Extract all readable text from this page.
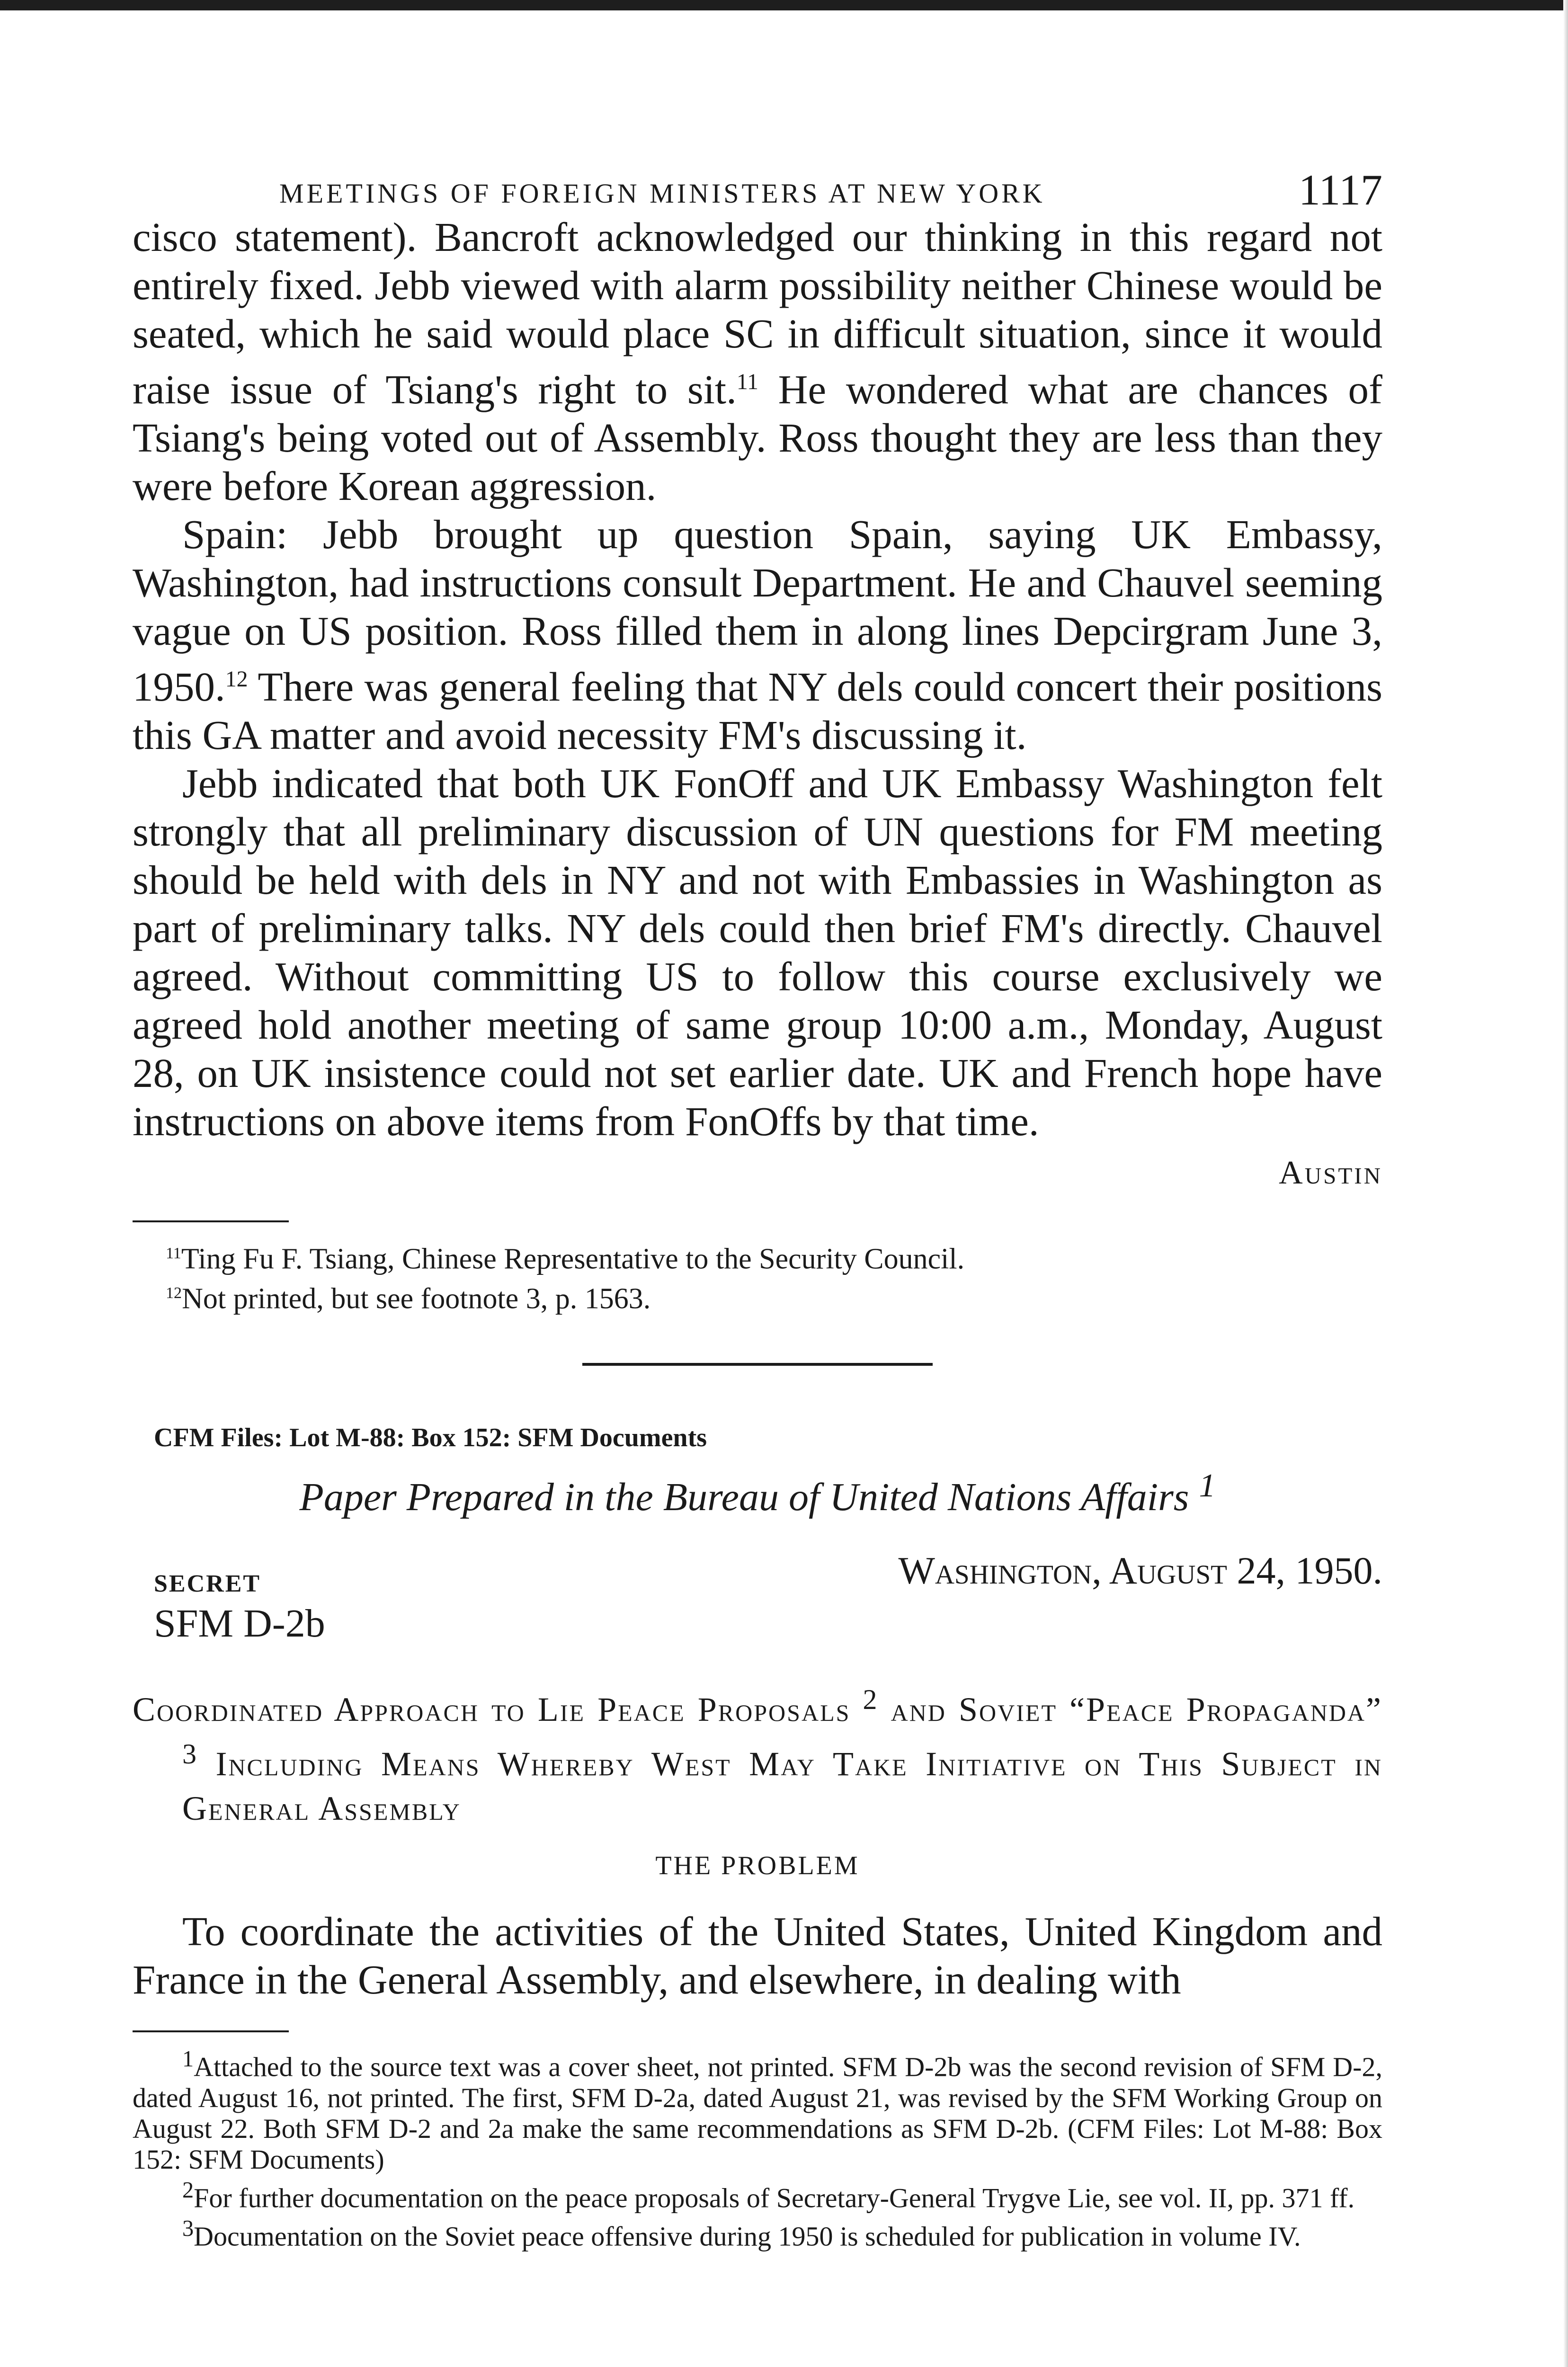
MEETINGS OF FOREIGN MINISTERS AT NEW YORK	1117

cisco statement). Bancroft acknowledged our thinking in this regard not entirely fixed. Jebb viewed with alarm possibility neither Chinese would be seated, which he said would place SC in difficult situation, since it would raise issue of Tsiang's right to sit.$^{11}$ He wondered what are chances of Tsiang's being voted out of Assembly. Ross thought they are less than they were before Korean aggression.

Spain: Jebb brought up question Spain, saying UK Embassy, Washington, had instructions consult Department. He and Chauvel seeming vague on US position. Ross filled them in along lines Depcirgram June 3, 1950.12 There was general feeling that NY dels could concert their positions this GA matter and avoid necessity FM's discussing it.

Jebb indicated that both UK FonOff and UK Embassy Washington felt strongly that all preliminary discussion of UN questions for FM meeting should be held with dels in NY and not with Embassies in Washington as part of preliminary talks. NY dels could then brief FM's directly. Chauvel agreed. Without committing US to follow this course exclusively we agreed hold another meeting of same group 10:00 a.m., Monday, August 28, on UK insistence could not set earlier date. UK and French hope have instructions on above items from FonOffs by that time.

Austin

$^{11}$Ting Fu F. Tsiang, Chinese Representative to the Security Council.

$^{12}$Not printed, but see footnote 3, p. 1563.

CFM Files: Lot M-88: Box 152: SFM Documents
Paper Prepared in the Bureau of United Nations Affairs $^1$
SECRET	Washington, August 24, 1950.
SFM D-2b

Coordinated Approach to Lie Peace Proposals $^2$ and Soviet “Peace Propaganda” $^3$ Including Means Whereby West May Take Initiative on This Subject in General Assembly

THE PROBLEM

To coordinate the activities of the United States, United Kingdom and France in the General Assembly, and elsewhere, in dealing with

$^1$Attached to the source text was a cover sheet, not printed. SFM D-2b was the second revision of SFM D-2, dated August 16, not printed. The first, SFM D-2a, dated August 21, was revised by the SFM Working Group on August 22. Both SFM D-2 and 2a make the same recommendations as SFM D-2b. (CFM Files: Lot M-88: Box 152: SFM Documents)

$^2$For further documentation on the peace proposals of Secretary-General Trygve Lie, see vol. II, pp. 371 ff.

$^3$Documentation on the Soviet peace offensive during 1950 is scheduled for publication in volume IV.
